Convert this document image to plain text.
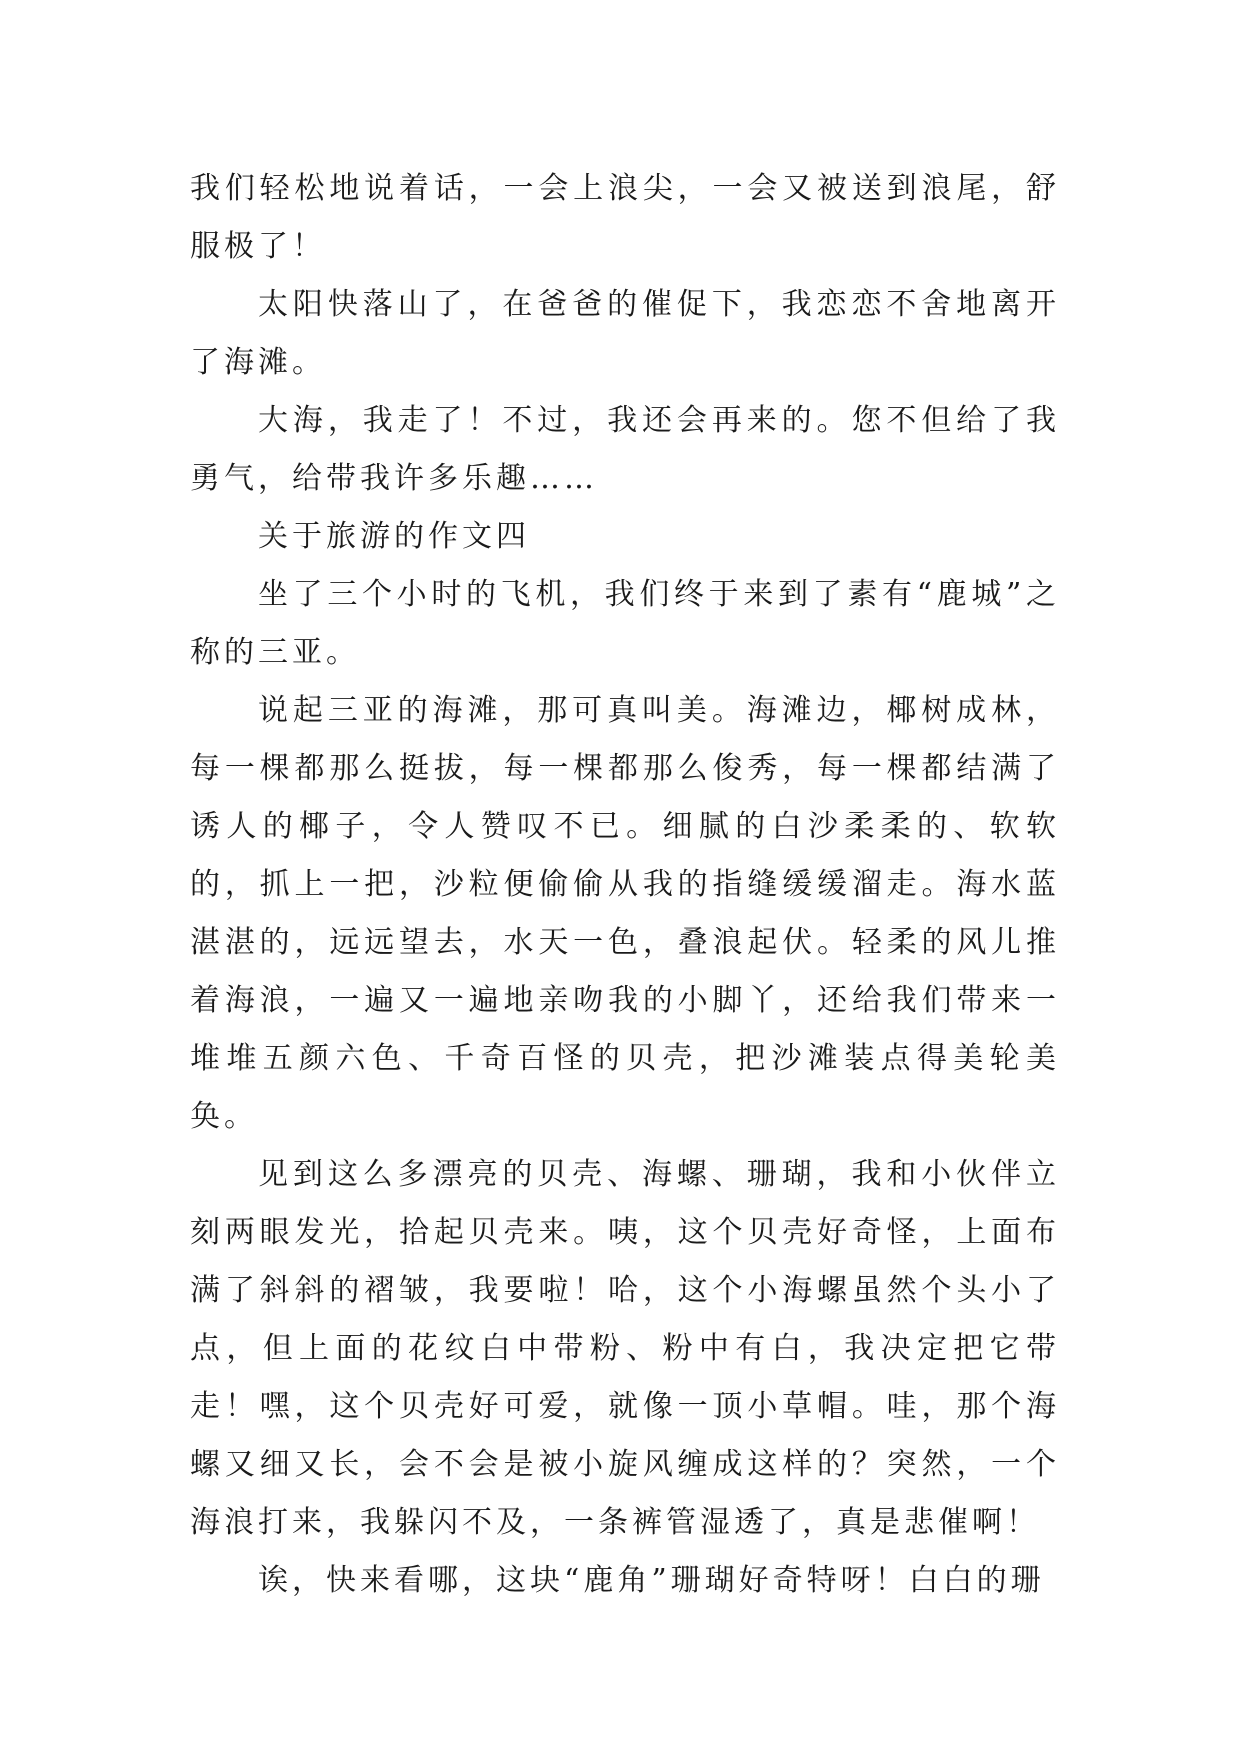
我们轻松地说着话，一会上浪尖，一会又被送到浪尾，舒服极了！

太阳快落山了，在爸爸的催促下，我恋恋不舍地离开了海滩。

大海，我走了！不过，我还会再来的。您不但给了我勇气，给带我许多乐趣……

关于旅游的作文四

坐了三个小时的飞机，我们终于来到了素有“鹿城”之称的三亚。

说起三亚的海滩，那可真叫美。海滩边，椰树成林，每一棵都那么挺拔，每一棵都那么俊秀，每一棵都结满了诱人的椰子，令人赞叹不已。细腻的白沙柔柔的、软软的，抓上一把，沙粒便偷偷从我的指缝缓缓溜走。海水蓝湛湛的，远远望去，水天一色，叠浪起伏。轻柔的风儿推着海浪，一遍又一遍地亲吻我的小脚丫，还给我们带来一堆堆五颜六色、千奇百怪的贝壳，把沙滩装点得美轮美奂。

见到这么多漂亮的贝壳、海螺、珊瑚，我和小伙伴立刻两眼发光，拾起贝壳来。咦，这个贝壳好奇怪，上面布满了斜斜的褶皱，我要啦！哈，这个小海螺虽然个头小了点，但上面的花纹白中带粉、粉中有白，我决定把它带走！嘿，这个贝壳好可爱，就像一顶小草帽。哇，那个海螺又细又长，会不会是被小旋风缠成这样的？突然，一个海浪打来，我躲闪不及，一条裤管湿透了，真是悲催啊！

诶，快来看哪，这块“鹿角”珊瑚好奇特呀！白白的珊
